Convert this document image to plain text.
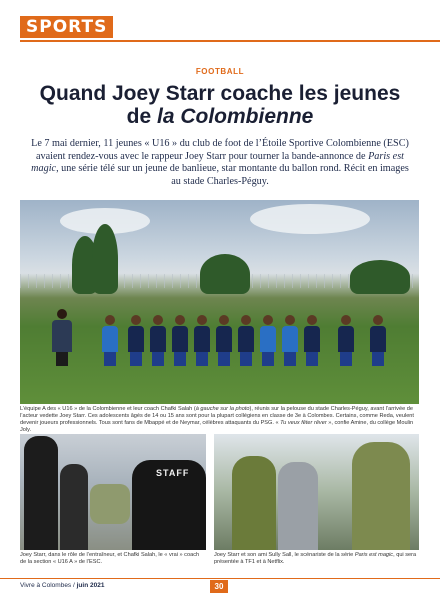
SPORTS
FOOTBALL
Quand Joey Starr coache les jeunes
de la Colombienne

Le 7 mai dernier, 11 jeunes « U16 » du club de foot de l’Étoile Sportive Colombienne (ESC) avaient rendez-vous avec le rappeur Joey Starr pour tourner la bande-annonce de Paris est magic, une série télé sur un jeune de banlieue, star montante du ballon rond. Récit en images au stade Charles-Péguy.

L’équipe A des « U16 » de la Colombienne et leur coach Chafki Salah (à gauche sur la photo), réunis sur la pelouse du stade Charles-Péguy, avant l’arrivée de l’acteur vedette Joey Starr. Ces adolescents âgés de 14 ou 15 ans sont pour la plupart collégiens en classe de 3e à Colombes. Certains, comme Reda, veulent devenir joueurs professionnels. Tous sont fans de Mbappé et de Neymar, célèbres attaquants du PSG. « Tu veux fêter rêver », confie Amine, du collège Moulin Joly.

STAFF

Joey Starr, dans le rôle de l’entraîneur, et Chafki Salah, le « vrai » coach de la section « U16 A » de l’ESC.

Joey Starr et son ami Sully Sall, le scénariste de la série Paris est magic, qui sera présentée à TF1 et à Netflix.

Vivre à Colombes / juin 2021	30
